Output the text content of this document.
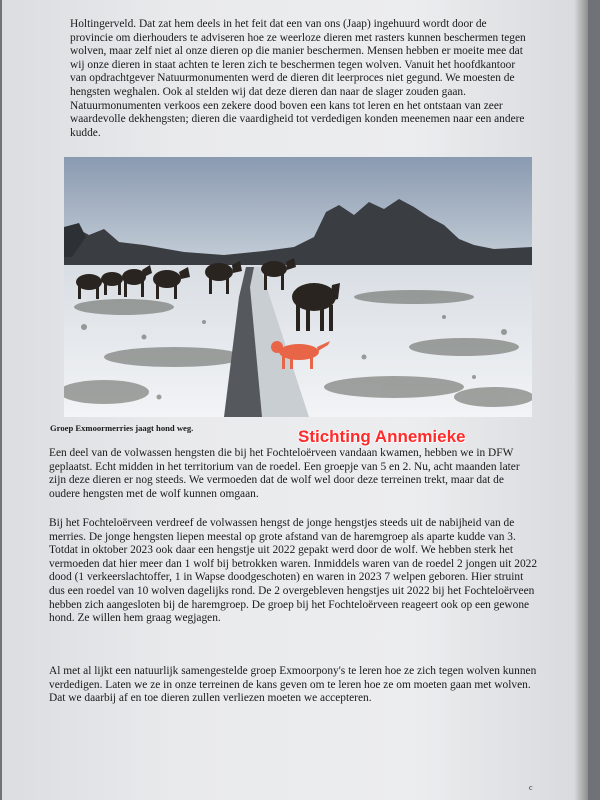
Holtingerveld. Dat zat hem deels in het feit dat een van ons (Jaap) ingehuurd wordt door de provincie om dierhouders te adviseren hoe ze weerloze dieren met rasters kunnen beschermen tegen wolven, maar zelf niet al onze dieren op die manier beschermen. Mensen hebben er moeite mee dat wij onze dieren in staat achten te leren zich te beschermen tegen wolven. Vanuit het hoofdkantoor van opdrachtgever Natuurmonumenten werd de dieren dit leerproces niet gegund. We moesten de hengsten weghalen. Ook al stelden wij dat deze dieren dan naar de slager zouden gaan. Natuurmonumenten verkoos een zekere dood boven een kans tot leren en het ontstaan van zeer waardevolle dekhengsten; dieren die vaardigheid tot verdedigen konden meenemen naar een andere kudde.

Groep Exmoormerries jaagt hond weg.	Stichting Annemieke

Een deel van de volwassen hengsten die bij het Fochteloërveen vandaan kwamen, hebben we in DFW geplaatst. Echt midden in het territorium van de roedel. Een groepje van 5 en 2. Nu, acht maanden later zijn deze dieren er nog steeds. We vermoeden dat de wolf wel door deze terreinen trekt, maar dat de oudere hengsten met de wolf kunnen omgaan.

Bij het Fochteloërveen verdreef de volwassen hengst de jonge hengstjes steeds uit de nabijheid van de merries. De jonge hengsten liepen meestal op grote afstand van de haremgroep als aparte kudde van 3. Totdat in oktober 2023 ook daar een hengstje uit 2022 gepakt werd door de wolf. We hebben sterk het vermoeden dat hier meer dan 1 wolf bij betrokken waren. Inmiddels waren van de roedel 2 jongen uit 2022 dood (1 verkeerslachtoffer, 1 in Wapse doodgeschoten) en waren in 2023 7 welpen geboren. Hier struint dus een roedel van 10 wolven dagelijks rond. De 2 overgebleven hengstjes uit 2022 bij het Fochteloërveen hebben zich aangesloten bij de haremgroep. De groep bij het Fochteloërveen reageert ook op een gewone hond. Ze willen hem graag wegjagen.

Al met al lijkt een natuurlijk samengestelde groep Exmoorpony's te leren hoe ze zich tegen wolven kunnen verdedigen. Laten we ze in onze terreinen de kans geven om te leren hoe ze om moeten gaan met wolven. Dat we daarbij af en toe dieren zullen verliezen moeten we accepteren.

c
